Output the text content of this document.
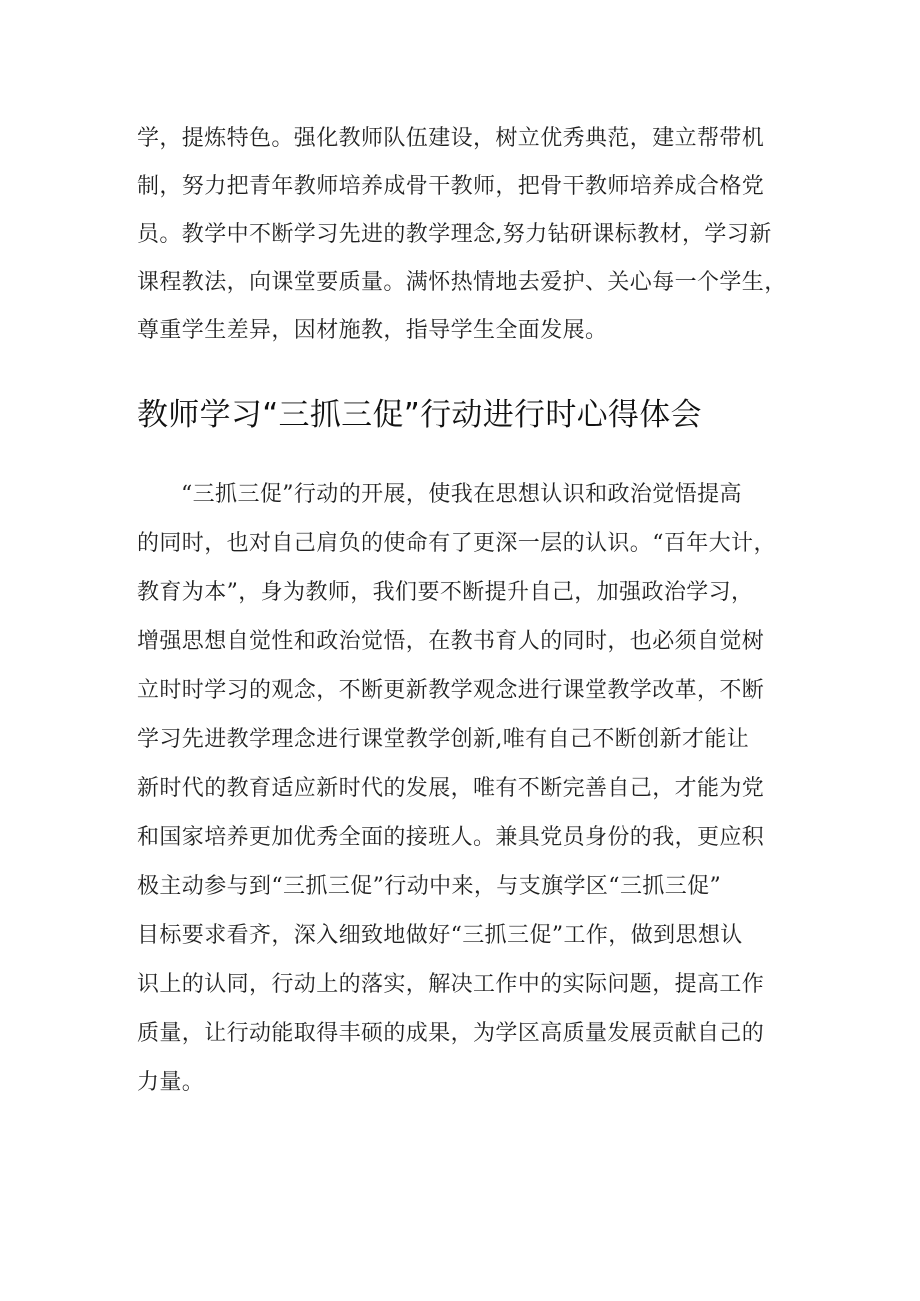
学，提炼特色。强化教师队伍建设，树立优秀典范，建立帮带机
制，努力把青年教师培养成骨干教师，把骨干教师培养成合格党
员。教学中不断学习先进的教学理念,努力钻研课标教材，学习新
课程教法，向课堂要质量。满怀热情地去爱护、关心每一个学生，
尊重学生差异，因材施教，指导学生全面发展。
教师学习“三抓三促”行动进行时心得体会
“三抓三促”行动的开展，使我在思想认识和政治觉悟提高
的同时，也对自己肩负的使命有了更深一层的认识。“百年大计，
教育为本”，身为教师，我们要不断提升自己，加强政治学习，
增强思想自觉性和政治觉悟，在教书育人的同时，也必须自觉树
立时时学习的观念，不断更新教学观念进行课堂教学改革，不断
学习先进教学理念进行课堂教学创新,唯有自己不断创新才能让
新时代的教育适应新时代的发展，唯有不断完善自己，才能为党
和国家培养更加优秀全面的接班人。兼具党员身份的我，更应积
极主动参与到“三抓三促”行动中来，与支旗学区“三抓三促”
目标要求看齐，深入细致地做好“三抓三促”工作，做到思想认
识上的认同，行动上的落实，解决工作中的实际问题，提高工作
质量，让行动能取得丰硕的成果，为学区高质量发展贡献自己的
力量。
